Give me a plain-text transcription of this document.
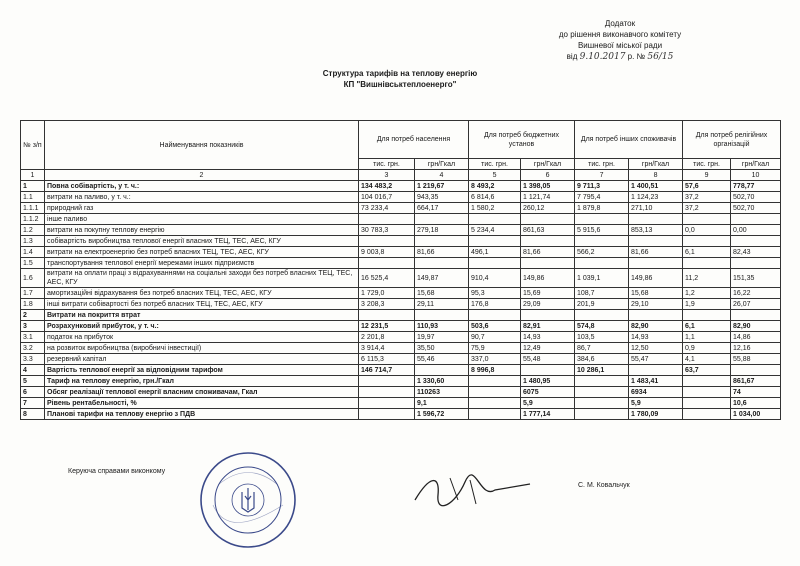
Додаток
до рішення виконавчого комітету
Вишневої міської ради
від 9.10.2017 р. № 56/15
Структура тарифів на теплову енергію
КП "Вишнівськтеплоенерго"
№ з/п	Найменування показників	Для потреб населення		Для потреб бюджетних установ		Для потреб інших споживачів		Для потреб релігійних організацій	
		тис. грн.	грн/Гкал	тис. грн.	грн/Гкал	тис. грн.	грн/Гкал	тис. грн.	грн/Гкал
1	2	3	4	5	6	7	8	9	10
1	Повна собівартість, у т. ч.:	134 483,2	1 219,67	8 493,2	1 398,05	9 711,3	1 400,51	57,6	778,77
1.1	витрати на паливо, у т. ч.:	104 016,7	943,35	6 814,6	1 121,74	7 795,4	1 124,23	37,2	502,70
1.1.1	природний газ	73 233,4	664,17	1 580,2	260,12	1 879,8	271,10	37,2	502,70
1.1.2	інше паливо								
1.2	витрати на покупну теплову енергію	30 783,3	279,18	5 234,4	861,63	5 915,6	853,13	0,0	0,00
1.3	собівартість виробництва теплової енергії власних ТЕЦ, ТЕС, АЕС, КГУ								
1.4	витрати на електроенергію без потреб власних ТЕЦ, ТЕС, АЕС, КГУ	9 003,8	81,66	496,1	81,66	566,2	81,66	6,1	82,43
1.5	транспортування теплової енергії мережами інших підприємств								
1.6	витрати на оплати праці з відрахуваннями на соціальні заходи без потреб власних ТЕЦ, ТЕС, АЕС, КГУ	16 525,4	149,87	910,4	149,86	1 039,1	149,86	11,2	151,35
1.7	амортизаційні відрахування без потреб власних ТЕЦ, ТЕС, АЕС, КГУ	1 729,0	15,68	95,3	15,69	108,7	15,68	1,2	16,22
1.8	інші витрати собівартості без потреб власних ТЕЦ, ТЕС, АЕС, КГУ	3 208,3	29,11	176,8	29,09	201,9	29,10	1,9	26,07
2	Витрати на покриття втрат								
3	Розрахунковий прибуток, у т. ч.:	12 231,5	110,93	503,6	82,91	574,8	82,90	6,1	82,90
3.1	податок на прибуток	2 201,8	19,97	90,7	14,93	103,5	14,93	1,1	14,86
3.2	на розвиток виробництва (виробничі інвестиції)	3 914,4	35,50	75,9	12,49	86,7	12,50	0,9	12,16
3.3	резервний капітал	6 115,3	55,46	337,0	55,48	384,6	55,47	4,1	55,88
4	Вартість теплової енергії за відповідним тарифом	146 714,7		8 996,8		10 286,1		63,7	
5	Тариф на теплову енергію, грн./Гкал		1 330,60		1 480,95		1 483,41		861,67
6	Обсяг реалізації теплової енергії власним споживачам, Гкал		110263		6075		6934		74
7	Рівень рентабельності, %		9,1		5,9		5,9		10,6
8	Планові тарифи на теплову енергію з ПДВ		1 596,72		1 777,14		1 780,09		1 034,00
Керуюча справами виконкому
С. М. Ковальчук
